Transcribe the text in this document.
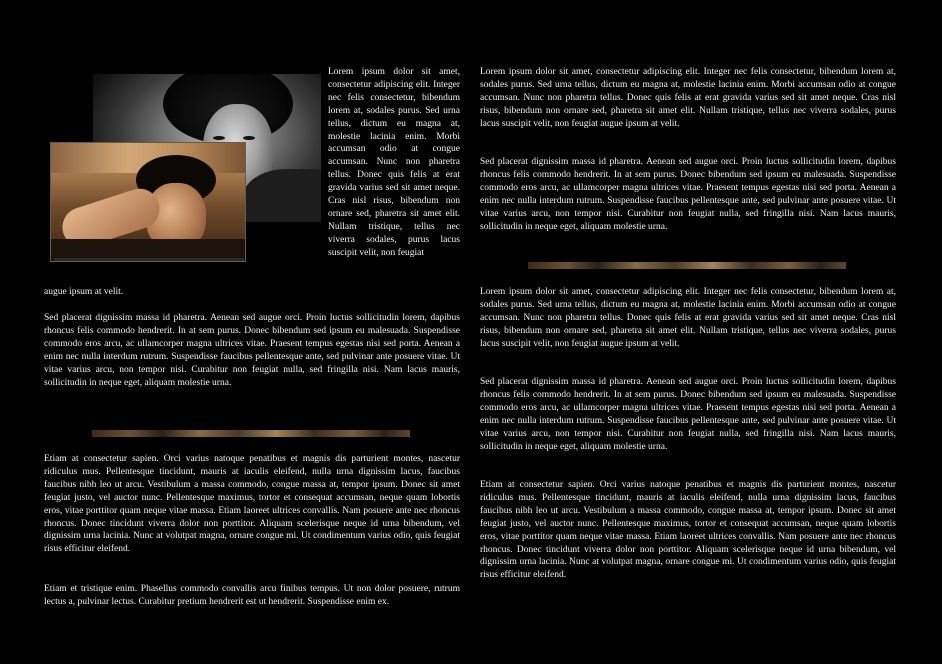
Lorem ipsum dolor sit amet, consectetur adipiscing elit. Integer nec felis consectetur, bibendum lorem at, sodales purus. Sed urna tellus, dictum eu magna at, molestie lacinia enim. Morbi accumsan odio at congue accumsan. Nunc non pharetra tellus. Donec quis felis at erat gravida varius sed sit amet neque. Cras nisl risus, bibendum non ornare sed, pharetra sit amet elit. Nullam tristique, tellus nec viverra sodales, purus lacus suscipit velit, non feugiat

augue ipsum at velit.

Sed placerat dignissim massa id pharetra. Aenean sed augue orci. Proin luctus sollicitudin lorem, dapibus rhoncus felis commodo hendrerit. In at sem purus. Donec bibendum sed ipsum eu malesuada. Suspendisse commodo eros arcu, ac ullamcorper magna ultrices vitae. Praesent tempus egestas nisi sed porta. Aenean a enim nec nulla interdum rutrum. Suspendisse faucibus pellentesque ante, sed pulvinar ante posuere vitae. Ut vitae varius arcu, non tempor nisi. Curabitur non feugiat nulla, sed fringilla nisi. Nam lacus mauris, sollicitudin in neque eget, aliquam molestie urna.

Etiam at consectetur sapien. Orci varius natoque penatibus et magnis dis parturient montes, nascetur ridiculus mus. Pellentesque tincidunt, mauris at iaculis eleifend, nulla urna dignissim lacus, faucibus faucibus nibh leo ut arcu. Vestibulum a massa commodo, congue massa at, tempor ipsum. Donec sit amet feugiat justo, vel auctor nunc. Pellentesque maximus, tortor et consequat accumsan, neque quam lobortis eros, vitae porttitor quam neque vitae massa. Etiam laoreet ultrices convallis. Nam posuere ante nec rhoncus rhoncus. Donec tincidunt viverra dolor non porttitor. Aliquam scelerisque neque id urna bibendum, vel dignissim urna lacinia. Nunc at volutpat magna, ornare congue mi. Ut condimentum varius odio, quis feugiat risus efficitur eleifend.

Etiam et tristique enim. Phasellus commodo convallis arcu finibus tempus. Ut non dolor posuere, rutrum lectus a, pulvinar lectus. Curabitur pretium hendrerit est ut hendrerit. Suspendisse enim ex.

Lorem ipsum dolor sit amet, consectetur adipiscing elit. Integer nec felis consectetur, bibendum lorem at, sodales purus. Sed urna tellus, dictum eu magna at, molestie lacinia enim. Morbi accumsan odio at congue accumsan. Nunc non pharetra tellus. Donec quis felis at erat gravida varius sed sit amet neque. Cras nisl risus, bibendum non ornare sed, pharetra sit amet elit. Nullam tristique, tellus nec viverra sodales, purus lacus suscipit velit, non feugiat augue ipsum at velit.

Sed placerat dignissim massa id pharetra. Aenean sed augue orci. Proin luctus sollicitudin lorem, dapibus rhoncus felis commodo hendrerit. In at sem purus. Donec bibendum sed ipsum eu malesuada. Suspendisse commodo eros arcu, ac ullamcorper magna ultrices vitae. Praesent tempus egestas nisi sed porta. Aenean a enim nec nulla interdum rutrum. Suspendisse faucibus pellentesque ante, sed pulvinar ante posuere vitae. Ut vitae varius arcu, non tempor nisi. Curabitur non feugiat nulla, sed fringilla nisi. Nam lacus mauris, sollicitudin in neque eget, aliquam molestie urna.

Lorem ipsum dolor sit amet, consectetur adipiscing elit. Integer nec felis consectetur, bibendum lorem at, sodales purus. Sed urna tellus, dictum eu magna at, molestie lacinia enim. Morbi accumsan odio at congue accumsan. Nunc non pharetra tellus. Donec quis felis at erat gravida varius sed sit amet neque. Cras nisl risus, bibendum non ornare sed, pharetra sit amet elit. Nullam tristique, tellus nec viverra sodales, purus lacus suscipit velit, non feugiat augue ipsum at velit.

Sed placerat dignissim massa id pharetra. Aenean sed augue orci. Proin luctus sollicitudin lorem, dapibus rhoncus felis commodo hendrerit. In at sem purus. Donec bibendum sed ipsum eu malesuada. Suspendisse commodo eros arcu, ac ullamcorper magna ultrices vitae. Praesent tempus egestas nisi sed porta. Aenean a enim nec nulla interdum rutrum. Suspendisse faucibus pellentesque ante, sed pulvinar ante posuere vitae. Ut vitae varius arcu, non tempor nisi. Curabitur non feugiat nulla, sed fringilla nisi. Nam lacus mauris, sollicitudin in neque eget, aliquam molestie urna.

Etiam at consectetur sapien. Orci varius natoque penatibus et magnis dis parturient montes, nascetur ridiculus mus. Pellentesque tincidunt, mauris at iaculis eleifend, nulla urna dignissim lacus, faucibus faucibus nibh leo ut arcu. Vestibulum a massa commodo, congue massa at, tempor ipsum. Donec sit amet feugiat justo, vel auctor nunc. Pellentesque maximus, tortor et consequat accumsan, neque quam lobortis eros, vitae porttitor quam neque vitae massa. Etiam laoreet ultrices convallis. Nam posuere ante nec rhoncus rhoncus. Donec tincidunt viverra dolor non porttitor. Aliquam scelerisque neque id urna bibendum, vel dignissim urna lacinia. Nunc at volutpat magna, ornare congue mi. Ut condimentum varius odio, quis feugiat risus efficitur eleifend.
